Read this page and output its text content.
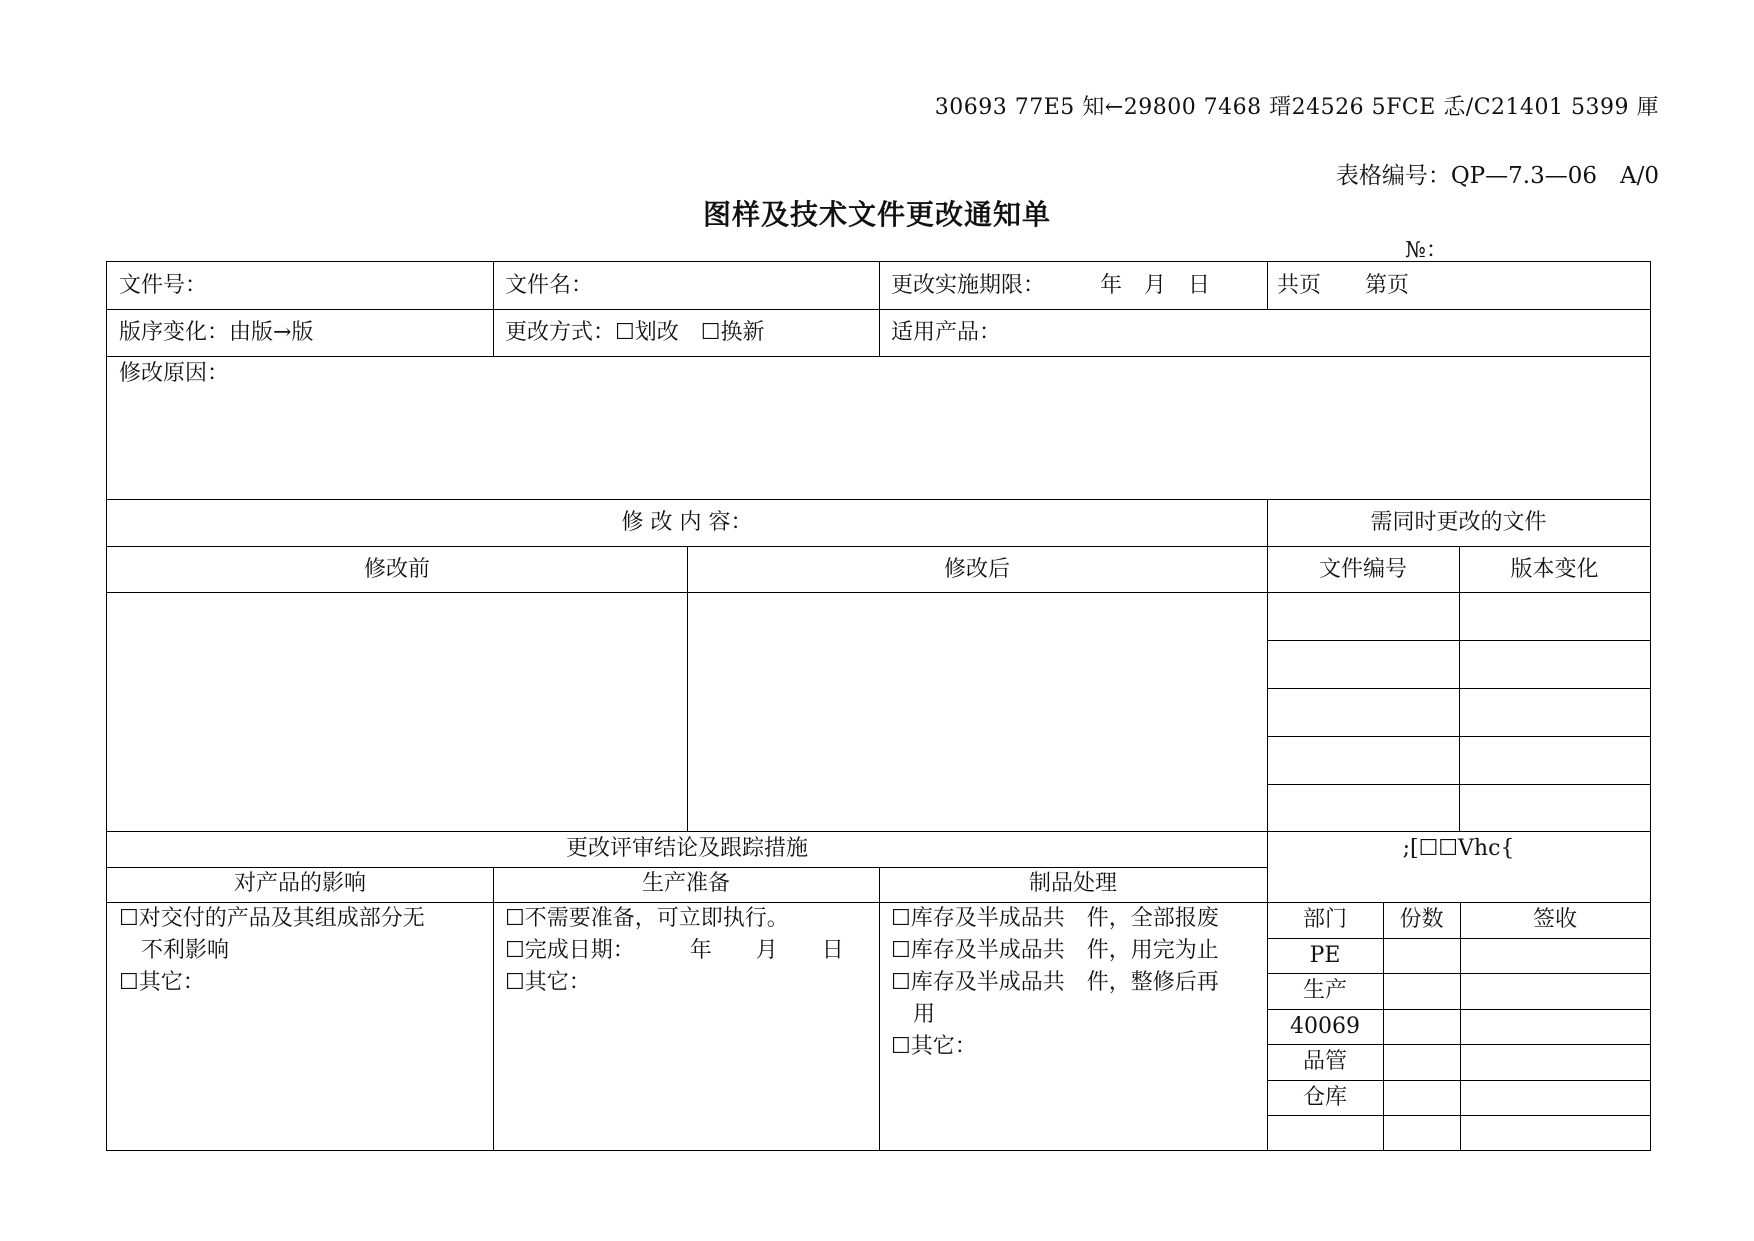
30693 77E5 知←29800 7468 瑨24526 5FCE 忎/C21401 5399 厙
表格编号：QP—7.3—06　A/0
图样及技术文件更改通知单
№：
文件号：	文件名：	更改实施期限：　　　年　月　日	共页　　第页
版序变化：由版→版	更改方式：☐划改　☐换新	适用产品：
修改原因：
修 改 内 容：	需同时更改的文件
修改前	修改后	文件编号	版本变化
更改评审结论及跟踪措施	;[☐☐Vhc{
对产品的影响	生产准备	制品处理
☐对交付的产品及其组成部分无
　不利影响
☐其它：
☐不需要准备，可立即执行。
☐完成日期：　　　年　　月　　日
☐其它：
☐库存及半成品共　件，全部报废
☐库存及半成品共　件，用完为止
☐库存及半成品共　件，整修后再
　用
☐其它：
部门	份数	签收
PE
生产
40069
品管
仓库
